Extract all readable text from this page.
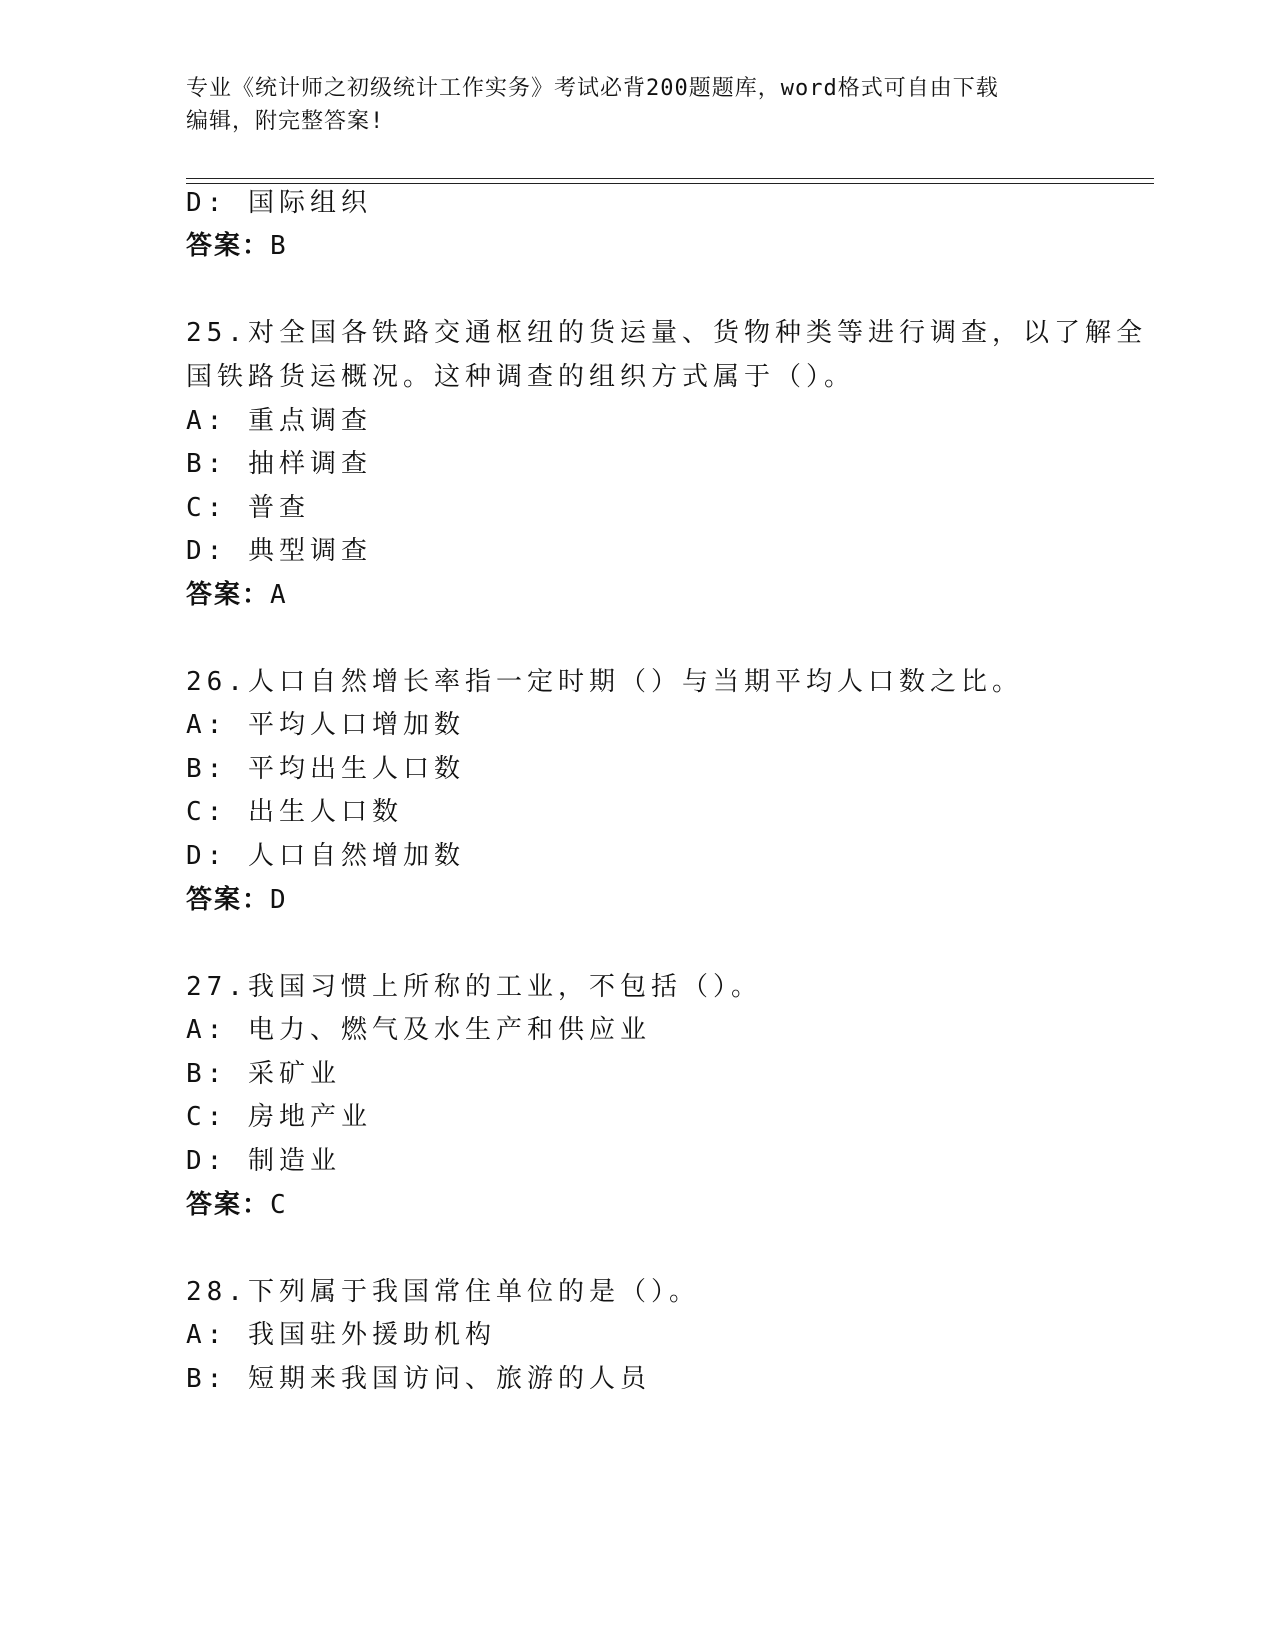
专业《统计师之初级统计工作实务》考试必背200题题库，word格式可自由下载
编辑，附完整答案!
D: 国际组织
答案：B
25.对全国各铁路交通枢纽的货运量、货物种类等进行调查，以了解全
国铁路货运概况。这种调查的组织方式属于（）。
A: 重点调查
B: 抽样调查
C: 普查
D: 典型调查
答案：A
26.人口自然增长率指一定时期（）与当期平均人口数之比。
A: 平均人口增加数
B: 平均出生人口数
C: 出生人口数
D: 人口自然增加数
答案：D
27.我国习惯上所称的工业，不包括（）。
A: 电力、燃气及水生产和供应业
B: 采矿业
C: 房地产业
D: 制造业
答案：C
28.下列属于我国常住单位的是（）。
A: 我国驻外援助机构
B: 短期来我国访问、旅游的人员
